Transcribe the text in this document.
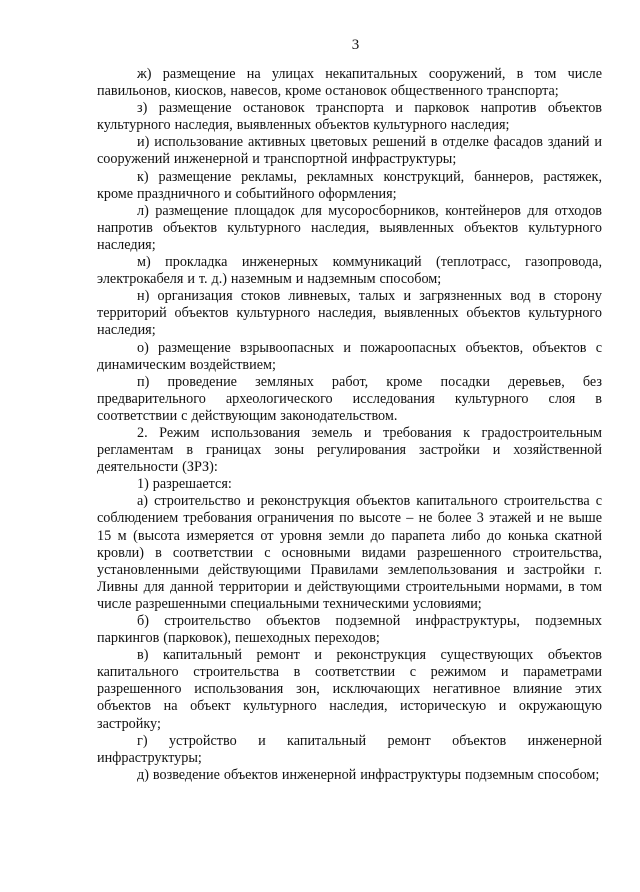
3

ж) размещение на улицах некапитальных сооружений, в том числе павильонов, киосков, навесов, кроме остановок общественного транспорта;

з) размещение остановок транспорта и парковок напротив объектов культурного наследия, выявленных объектов культурного наследия;

и) использование активных цветовых решений в отделке фасадов зданий и сооружений инженерной и транспортной инфраструктуры;

к) размещение рекламы, рекламных конструкций, баннеров, растяжек, кроме праздничного и событийного оформления;

л) размещение площадок для мусоросборников, контейнеров для отходов напротив объектов культурного наследия, выявленных объектов культурного наследия;

м) прокладка инженерных коммуникаций (теплотрасс, газопровода, электрокабеля и т. д.) наземным и надземным способом;

н) организация стоков ливневых, талых и загрязненных вод в сторону территорий объектов культурного наследия, выявленных объектов культурного наследия;

о) размещение взрывоопасных и пожароопасных объектов, объектов с динамическим воздействием;

п) проведение земляных работ, кроме посадки деревьев, без предварительного археологического исследования культурного слоя в соответствии с действующим законодательством.

2. Режим использования земель и требования к градостроительным регламентам в границах зоны регулирования застройки и хозяйственной деятельности (ЗРЗ):

1) разрешается:

а) строительство и реконструкция объектов капитального строительства с соблюдением требования ограничения по высоте – не более 3 этажей и не выше 15 м (высота измеряется от уровня земли до парапета либо до конька скатной кровли) в соответствии с основными видами разрешенного строительства, установленными действующими Правилами землепользования и застройки г. Ливны для данной территории и действующими строительными нормами, в том числе разрешенными специальными техническими условиями;

б) строительство объектов подземной инфраструктуры, подземных паркингов (парковок), пешеходных переходов;

в) капитальный ремонт и реконструкция существующих объектов капитального строительства в соответствии с режимом и параметрами разрешенного использования зон, исключающих негативное влияние этих объектов на объект культурного наследия, историческую и окружающую застройку;

г) устройство и капитальный ремонт объектов инженерной инфраструктуры;

д) возведение объектов инженерной инфраструктуры подземным способом;
